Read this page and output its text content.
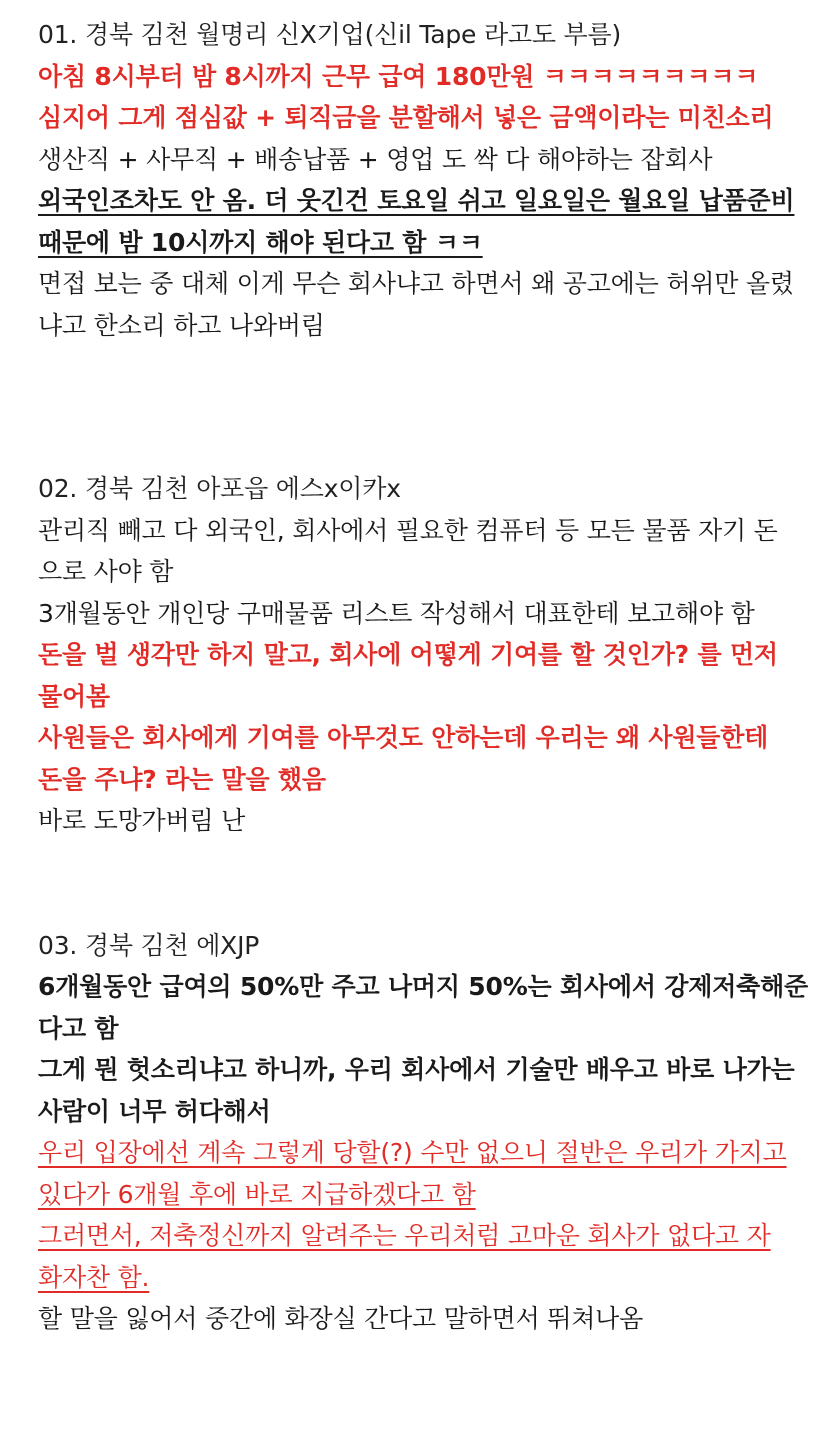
01. 경북 김천 월명리 신X기업(신il Tape 라고도 부름)
아침 8시부터 밤 8시까지 근무 급여 180만원 ㅋㅋㅋㅋㅋㅋㅋㅋㅋ
심지어 그게 점심값 + 퇴직금을 분할해서 넣은 금액이라는 미친소리
생산직 + 사무직 + 배송납품 + 영업 도 싹 다 해야하는 잡회사
외국인조차도 안 옴. 더 웃긴건 토요일 쉬고 일요일은 월요일 납품준비
때문에 밤 10시까지 해야 된다고 함 ㅋㅋ
면접 보는 중 대체 이게 무슨 회사냐고 하면서 왜 공고에는 허위만 올렸
냐고 한소리 하고 나와버림
02. 경북 김천 아포읍 에스x이카x
관리직 빼고 다 외국인, 회사에서 필요한 컴퓨터 등 모든 물품 자기 돈
으로 사야 함
3개월동안 개인당 구매물품 리스트 작성해서 대표한테 보고해야 함
돈을 벌 생각만 하지 말고, 회사에 어떻게 기여를 할 것인가? 를 먼저
물어봄
사원들은 회사에게 기여를 아무것도 안하는데 우리는 왜 사원들한테
돈을 주냐? 라는 말을 했음
바로 도망가버림 난
03. 경북 김천 에XJP
6개월동안 급여의 50%만 주고 나머지 50%는 회사에서 강제저축해준
다고 함
그게 뭔 헛소리냐고 하니까, 우리 회사에서 기술만 배우고 바로 나가는
사람이 너무 허다해서
우리 입장에선 계속 그렇게 당할(?) 수만 없으니 절반은 우리가 가지고
있다가 6개월 후에 바로 지급하겠다고 함
그러면서, 저축정신까지 알려주는 우리처럼 고마운 회사가 없다고 자
화자찬 함.
할 말을 잃어서 중간에 화장실 간다고 말하면서 뛰쳐나옴
